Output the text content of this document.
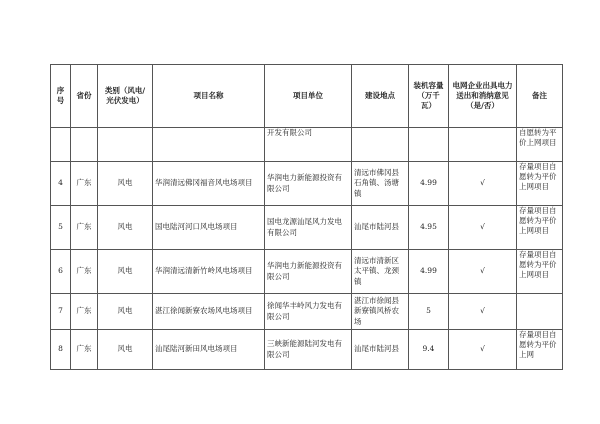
序号	省份	类别（风电/光伏发电）	项目名称	项目单位	建设地点	装机容量（万千瓦）	电网企业出具电力送出和消纳意见（是/否）	备注
				开发有限公司				自愿转为平价上网项目
4	广东	风电	华润清远佛冈福音风电场项目	华润电力新能源投资有限公司	清远市佛冈县石角镇、汤塘镇	4.99	√	存量项目自愿转为平价上网项目
5	广东	风电	国电陆河河口风电场项目	国电龙源汕尾风力发电有限公司	汕尾市陆河县	4.95	√	存量项目自愿转为平价上网项目
6	广东	风电	华润清远清新竹岭风电场项目	华润电力新能源投资有限公司	清远市清新区太平镇、龙颈镇	4.99	√	存量项目自愿转为平价上网项目
7	广东	风电	湛江徐闻新寮农场风电场项目	徐闻华丰岭风力发电有限公司	湛江市徐闻县新寮镇风桥农场	5	√	
8	广东	风电	汕尾陆河新田风电场项目	三峡新能源陆河发电有限公司	汕尾市陆河县	9.4	√	存量项目自愿转为平价上网
